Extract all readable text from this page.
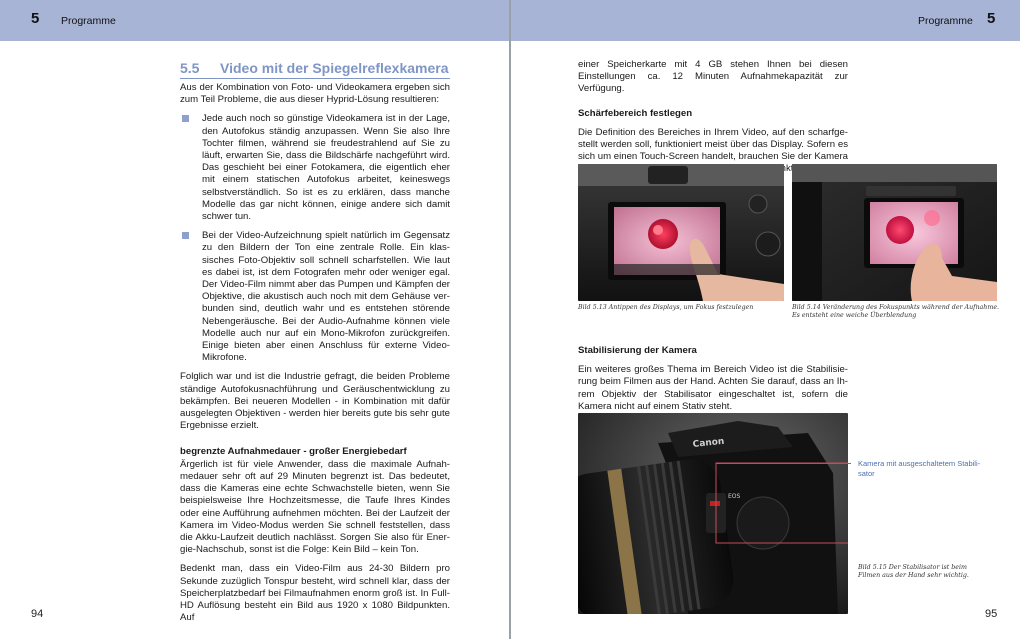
5 Programme
5.5 Video mit der Spiegelreflexkamera

Aus der Kombination von Foto- und Videokamera ergeben sich zum Teil Probleme, die aus dieser Hyprid-Lösung resultieren:

Jede auch noch so günstige Videokamera ist in der Lage, den Autofokus ständig anzupassen. Wenn Sie also Ihre Tochter filmen, während sie freudestrahlend auf Sie zu läuft, erwarten Sie, dass die Bildschärfe nachgeführt wird. Das geschieht bei einer Fotokamera, die eigentlich eher mit einem statischen Autofokus arbeitet, keineswegs selbstverständlich. So ist es zu erklären, dass manche Modelle das gar nicht können, einige andere sich damit schwer tun.
Bei der Video-Aufzeichnung spielt natürlich im Gegensatz zu den Bildern der Ton eine zentrale Rolle. Ein klassisches Foto-Objektiv soll schnell scharfstellen. Wie laut es dabei ist, ist dem Fotografen mehr oder weniger egal. Der Video-Film nimmt aber das Pumpen und Kämpfen der Objektive, die akustisch auch noch mit dem Gehäuse verbunden sind, deutlich wahr und es entstehen störende Nebengeräusche. Bei der Audio-Aufnahme können viele Modelle auch nur auf ein Mono-Mikrofon zurückgreifen. Einige bieten aber einen Anschluss für externe Video-Mikrofone.

Folglich war und ist die Industrie gefragt, die beiden Probleme ständige Autofokusnachführung und Geräuschentwicklung zu bekämpfen. Bei neueren Modellen - in Kombination mit dafür ausgelegten Objektiven - werden hier bereits gute bis sehr gute Ergebnisse erzielt.

begrenzte Aufnahmedauer - großer Energiebedarf

Ärgerlich ist für viele Anwender, dass die maximale Aufnahmedauer sehr oft auf 29 Minuten begrenzt ist. Das bedeutet, dass die Kameras eine echte Schwachstelle bieten, wenn Sie beispielsweise Ihre Hochzeitsmesse, die Taufe Ihres Kindes oder eine Aufführung aufnehmen möchten. Bei der Laufzeit der Kamera im Video-Modus werden Sie schnell feststellen, dass die Akku-Laufzeit deutlich nachlässt. Sorgen Sie also für Energie-Nachschub, sonst ist die Folge: Kein Bild – kein Ton.

Bedenkt man, dass ein Video-Film aus 24-30 Bildern pro Sekunde zuzüglich Tonspur besteht, wird schnell klar, dass der Speicherplatzbedarf bei Filmaufnahmen enorm groß ist. In Full-HD Auflösung besteht ein Bild aus 1920 x 1080 Bildpunkten. Auf

94
Programme 5

einer Speicherkarte mit 4 GB stehen Ihnen bei diesen Einstellungen ca. 12 Minuten Aufnahmekapazität zur Verfügung.

Schärfebereich festlegen

Die Definition des Bereiches in Ihrem Video, auf den scharfgestellt werden soll, funktioniert meist über das Display. Sofern es sich um einen Touch-Screen handelt, brauchen Sie der Kamera

Bild 5.13 Antippen des Displays, um Fokus festzulegen	Bild 5.14 Veränderung des Fokuspunkts während der Aufnahme. Es entsteht eine weiche Überblendung

Stabilisierung der Kamera

Ein weiteres großes Thema im Bereich Video ist die Stabilisierung beim Filmen aus der Hand. Achten Sie darauf, dass an Ihrem Objektiv der Stabilisator eingeschaltet ist, sofern die Kamera nicht auf einem Stativ steht.

Canon
EOS
Kamera mit ausgeschaltetem Stabilisator
Bild 5.15 Der Stabilisator ist beim Filmen aus der Hand sehr wichtig.
95
